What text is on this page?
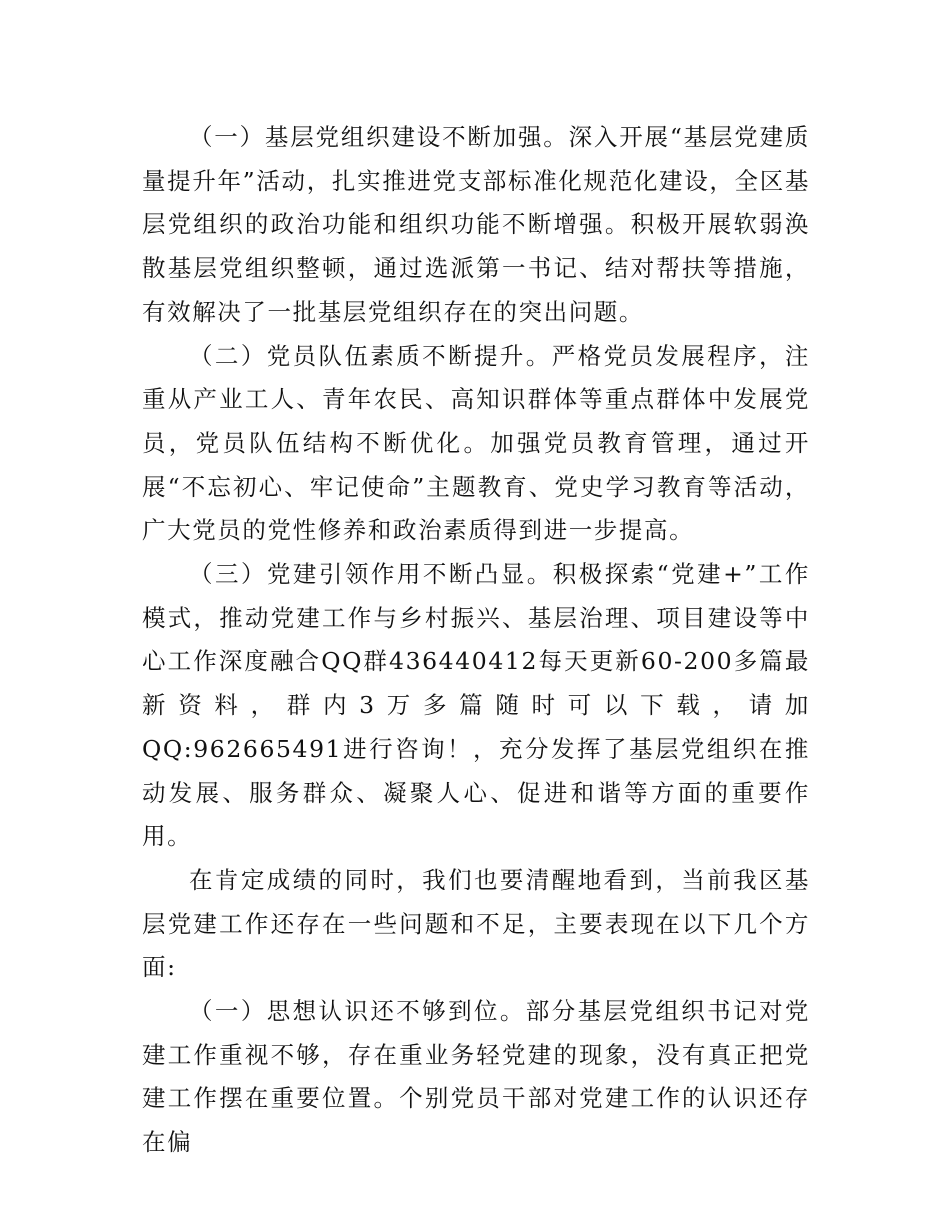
（一）基层党组织建设不断加强。深入开展“基层党建质量提升年”活动，扎实推进党支部标准化规范化建设，全区基层党组织的政治功能和组织功能不断增强。积极开展软弱涣散基层党组织整顿，通过选派第一书记、结对帮扶等措施，有效解决了一批基层党组织存在的突出问题。

（二）党员队伍素质不断提升。严格党员发展程序，注重从产业工人、青年农民、高知识群体等重点群体中发展党员，党员队伍结构不断优化。加强党员教育管理，通过开展“不忘初心、牢记使命”主题教育、党史学习教育等活动，广大党员的党性修养和政治素质得到进一步提高。

（三）党建引领作用不断凸显。积极探索“党建+”工作模式，推动党建工作与乡村振兴、基层治理、项目建设等中心工作深度融合QQ群436440412每天更新60-200多篇最新资料，群内3万多篇随时可以下载，请加QQ:962665491进行咨询！，充分发挥了基层党组织在推动发展、服务群众、凝聚人心、促进和谐等方面的重要作用。

在肯定成绩的同时，我们也要清醒地看到，当前我区基层党建工作还存在一些问题和不足，主要表现在以下几个方面:

（一）思想认识还不够到位。部分基层党组织书记对党建工作重视不够，存在重业务轻党建的现象，没有真正把党建工作摆在重要位置。个别党员干部对党建工作的认识还存在偏
